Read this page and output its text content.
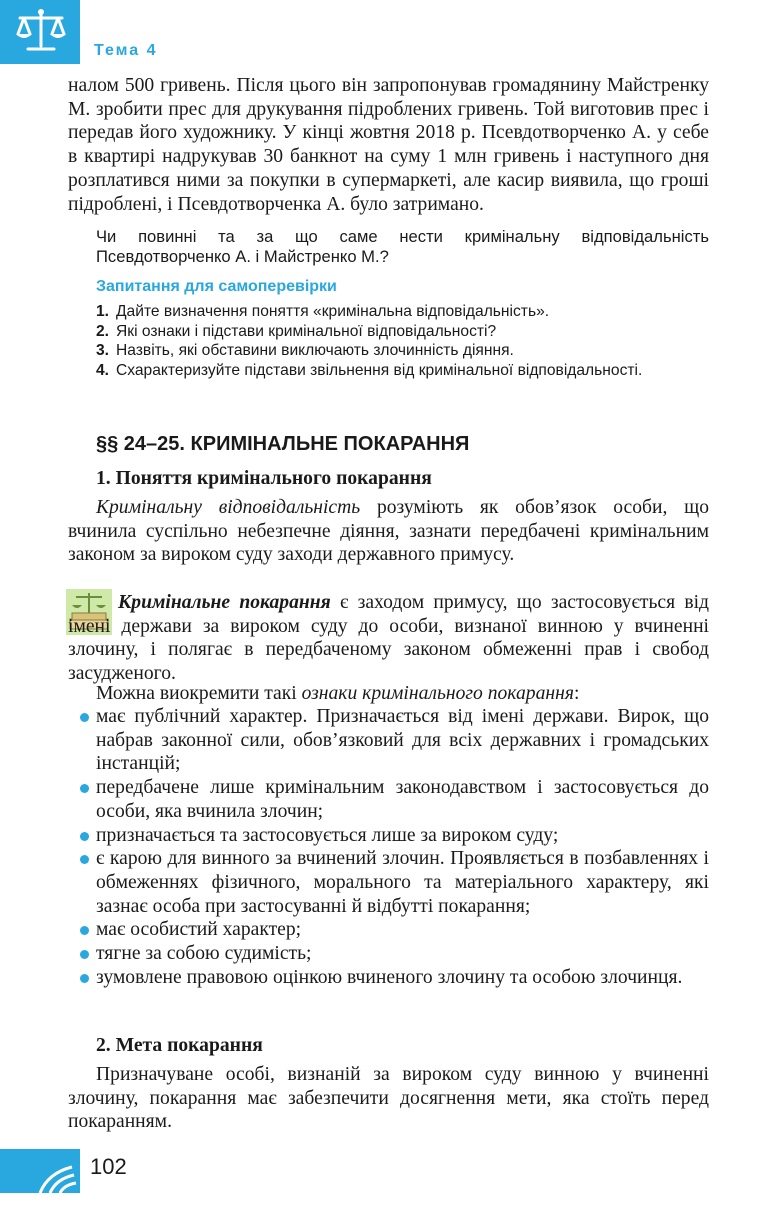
Тема 4

налом 500 гривень. Після цього він запропонував громадянину Майстренку М. зробити прес для друкування підроблених гривень. Той виготовив прес і передав його художнику. У кінці жовтня 2018 р. Псевдотворченко А. у себе в квартирі надрукував 30 банкнот на суму 1 млн гривень і наступного дня розплатився ними за покупки в супермаркеті, але касир виявила, що гроші підроблені, і Псевдотворченка А. було затримано.

Чи повинні та за що саме нести кримінальну відповідальність Псевдотворченко А. і Майстренко М.?
Запитання для самоперевірки
1. Дайте визначення поняття «кримінальна відповідальність».
2. Які ознаки і підстави кримінальної відповідальності?
3. Назвіть, які обставини виключають злочинність діяння.
4. Схарактеризуйте підстави звільнення від кримінальної відповідальності.
§§ 24–25. КРИМІНАЛЬНЕ ПОКАРАННЯ
1. Поняття кримінального покарання

Кримінальну відповідальність розуміють як обов’язок особи, що вчинила суспільно небезпечне діяння, зазнати передбачені кримінальним законом за вироком суду заходи державного примусу.

Кримінальне покарання є заходом примусу, що застосовується від імені держави за вироком суду до особи, визнаної винною у вчиненні злочину, і полягає в передбаченому законом обмеженні прав і свобод засудженого.

Можна виокремити такі ознаки кримінального покарання:

має публічний характер. Призначається від імені держави. Вирок, що набрав законної сили, обов’язковий для всіх державних і громадських інстанцій;
передбачене лише кримінальним законодавством і застосовується до особи, яка вчинила злочин;
призначається та застосовується лише за вироком суду;
є карою для винного за вчинений злочин. Проявляється в позбавленнях і обмеженнях фізичного, морального та матеріального характеру, які зазнає особа при застосуванні й відбутті покарання;
має особистий характер;
тягне за собою судимість;
зумовлене правовою оцінкою вчиненого злочину та особою злочинця.
2. Мета покарання

Призначуване особі, визнаній за вироком суду винною у вчиненні злочину, покарання має забезпечити досягнення мети, яка стоїть перед покаранням.

102
